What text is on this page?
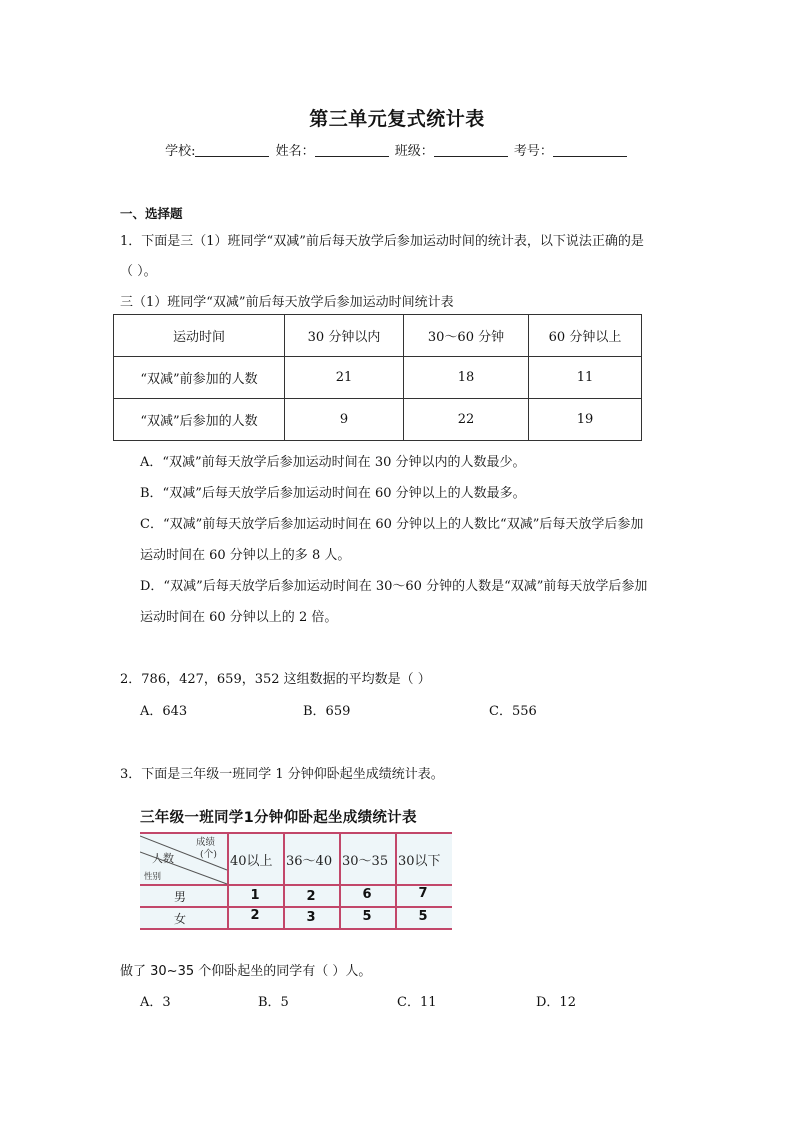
第三单元复式统计表
学校:	姓名：	班级：	考号：
一、选择题
1．下面是三（1）班同学“双减”前后每天放学后参加运动时间的统计表，以下说法正确的是
（ ）。
三（1）班同学“双减”前后每天放学后参加运动时间统计表
运动时间	30 分钟以内	30～60 分钟	60 分钟以上
“双减”前参加的人数	21	18	11
“双减”后参加的人数	9	22	19
A．“双减”前每天放学后参加运动时间在 30 分钟以内的人数最少。
B．“双减”后每天放学后参加运动时间在 60 分钟以上的人数最多。
C．“双减”前每天放学后参加运动时间在 60 分钟以上的人数比“双减”后每天放学后参加
运动时间在 60 分钟以上的多 8 人。
D．“双减”后每天放学后参加运动时间在 30～60 分钟的人数是“双减”前每天放学后参加
运动时间在 60 分钟以上的 2 倍。
2．786，427，659，352 这组数据的平均数是（ ）
A．643	B．659	C．556
3．下面是三年级一班同学 1 分钟仰卧起坐成绩统计表。
三年级一班同学1分钟仰卧起坐成绩统计表
成绩
(个)
人数
性别
40以上 36～40 30～35 30以下
男	1	2	6	7
女	2	3	5	5
做了 30~35 个仰卧起坐的同学有（ ）人。
A．3	B．5	C．11	D．12
